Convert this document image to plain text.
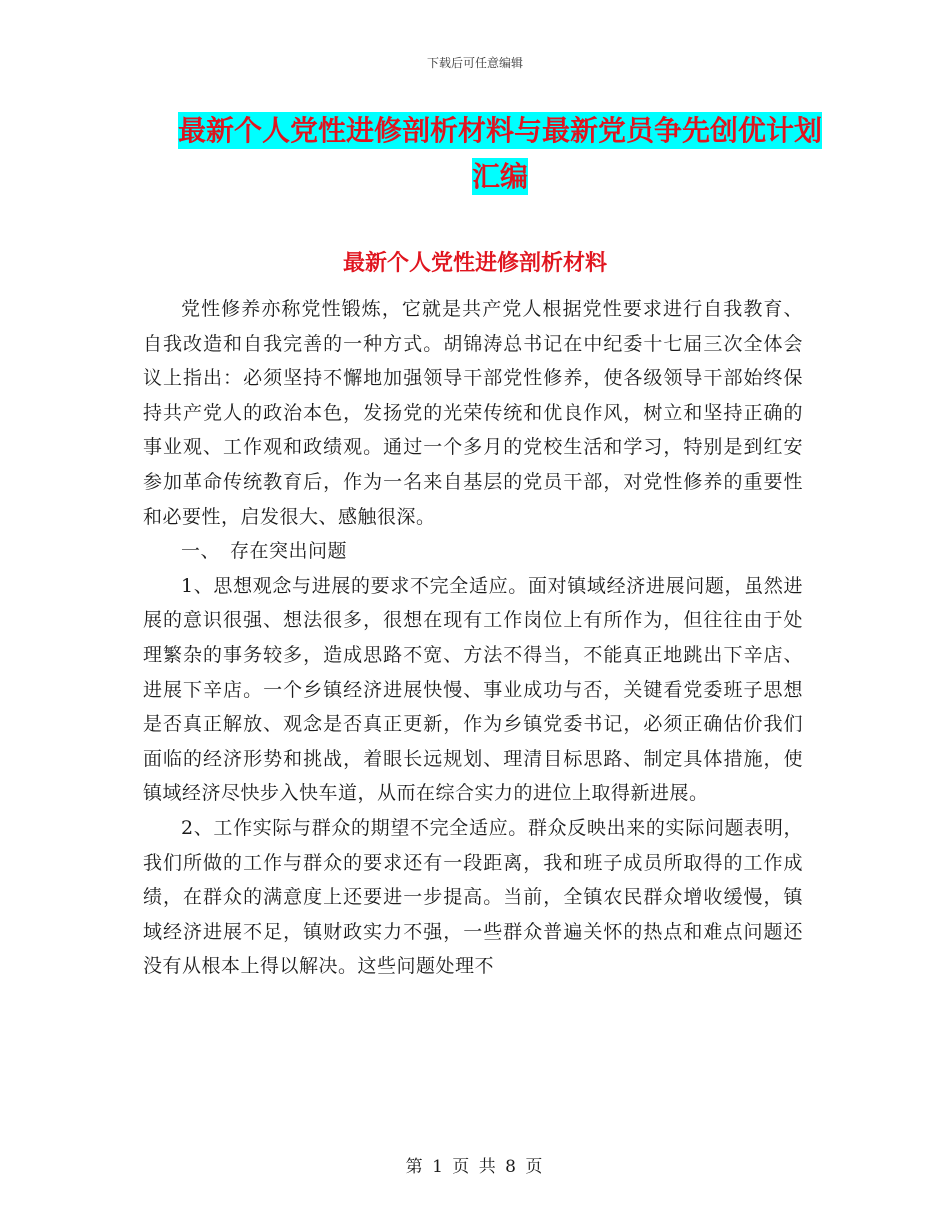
下载后可任意编辑
最新个人党性进修剖析材料与最新党员争先创优计划
汇编
最新个人党性进修剖析材料

党性修养亦称党性锻炼，它就是共产党人根据党性要求进行自我教育、自我改造和自我完善的一种方式。胡锦涛总书记在中纪委十七届三次全体会议上指出：必须坚持不懈地加强领导干部党性修养，使各级领导干部始终保持共产党人的政治本色，发扬党的光荣传统和优良作风，树立和坚持正确的事业观、工作观和政绩观。通过一个多月的党校生活和学习，特别是到红安参加革命传统教育后，作为一名来自基层的党员干部，对党性修养的重要性和必要性，启发很大、感触很深。

一、　存在突出问题

1、思想观念与进展的要求不完全适应。面对镇域经济进展问题，虽然进展的意识很强、想法很多，很想在现有工作岗位上有所作为，但往往由于处理繁杂的事务较多，造成思路不宽、方法不得当，不能真正地跳出下辛店、进展下辛店。一个乡镇经济进展快慢、事业成功与否，关键看党委班子思想是否真正解放、观念是否真正更新，作为乡镇党委书记，必须正确估价我们面临的经济形势和挑战，着眼长远规划、理清目标思路、制定具体措施，使镇域经济尽快步入快车道，从而在综合实力的进位上取得新进展。

2、工作实际与群众的期望不完全适应。群众反映出来的实际问题表明，我们所做的工作与群众的要求还有一段距离，我和班子成员所取得的工作成绩，在群众的满意度上还要进一步提高。当前，全镇农民群众增收缓慢，镇域经济进展不足，镇财政实力不强，一些群众普遍关怀的热点和难点问题还没有从根本上得以解决。这些问题处理不

第 1 页 共 8 页
